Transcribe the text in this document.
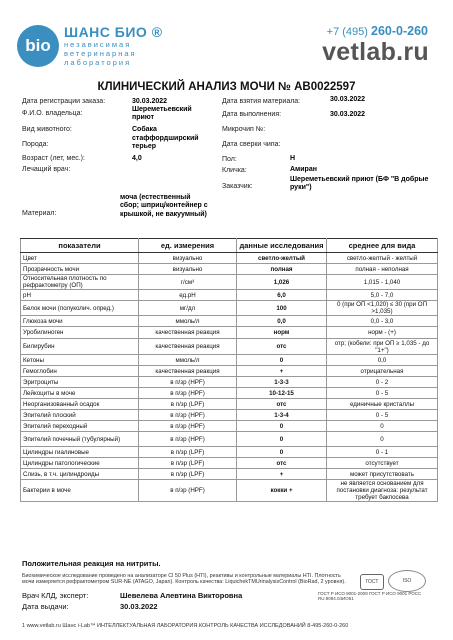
bio
ШАНС БИО ®
независимая
ветеринарная
лаборатория
+7 (495) 260-0-260
vetlab.ru
КЛИНИЧЕСКИЙ АНАЛИЗ МОЧИ № AB0022597
Дата регистрации заказа:	30.03.2022
Ф.И.О. владельца:
Шереметьевский приют
Вид животного:	Собака
Порода:
стаффордширский терьер
Возраст (лет, мес.):	4,0
Лечащий врач:
Материал:
моча (естественный сбор; шприц/контейнер с крышкой, не вакуумный)
Дата взятия материала:	30.03.2022
Дата выполнения:	30.03.2022
Микрочип №:
Дата сверки чипа:
Пол:	Н
Кличка:	Амиран
Заказчик:
Шереметьевский приют (БФ "В добрые руки")
показатели	ед. измерения	данные исследования	среднее для вида
Цвет	визуально	светло-желтый	светло-желтый - желтый
Прозрачность мочи	визуально	полная	полная - неполная
Относительная плотность по рефрактометру (ОП)	г/см³	1,026	1,015 - 1,040
pH	ед.pH	6,0	5,0 - 7,0
Белок мочи (полуколич. опред.)	мг/дл	100	0 (при ОП <1,020) ≤ 30 (при ОП >1,035)
Глюкоза мочи	ммоль/л	0,0	0,0 - 3,0
Уробилиноген	качественная реакция	норм	норм - (+)
Билирубин	качественная реакция	отс	отр; (кобели: при ОП ≥ 1,035 - до "1+")
Кетоны	ммоль/л	0	0,0
Гемоглобин	качественная реакция	+	отрицательная
Эритроциты	в п/зр (HPF)	1-3-3	0 - 2
Лейкоциты в моче	в п/зр (HPF)	10-12-15	0 - 5
Неорганизованный осадок	в п/зр (LPF)	отс	единичные кристаллы
Эпителий плоский	в п/зр (HPF)	1-3-4	0 - 5
Эпителий переходный	в п/зр (HPF)	0	0
Эпителий почечный (тубулярный)	в п/зр (HPF)	0	0
Цилиндры гиалиновые	в п/зр (LPF)	0	0 - 1
Цилиндры патологические	в п/зр (LPF)	отс	отсутствует
Слизь, в т.ч. цилиндроиды	в п/зр (LPF)	+	может присутствовать
Бактерии в моче	в п/зр (HPF)	кокки +	не является основанием для постановки диагноза: результат требует бакпосева
Положительная реакция на нитриты.
Биохимическое исследование проведено на анализаторе Cl 50 Plus (НТI), реактивы и контрольные материалы HTI. Плотность мочи измеряется рефрактометром SUR-NE (ATAGO, Japan). Контроль качества: LiquichekTMUrinalysisControl (BioRad, 2 уровня).	ГОСТ	ISO
ГОСТ Р ИСО 9001-2008 ГОСТ Р ИСО 9001 РОСС RU.9094.04ИО51
Врач КЛД, эксперт:	Шевелева Алевтина Викторовна
Дата выдачи:	30.03.2022
1 www.vetlab.ru Шанс i-Lab™ ИНТЕЛЛЕКТУАЛЬНАЯ ЛАБОРАТОРИЯ КОНТРОЛЬ КАЧЕСТВА ИССЛЕДОВАНИЙ 8-495-260-0-260
